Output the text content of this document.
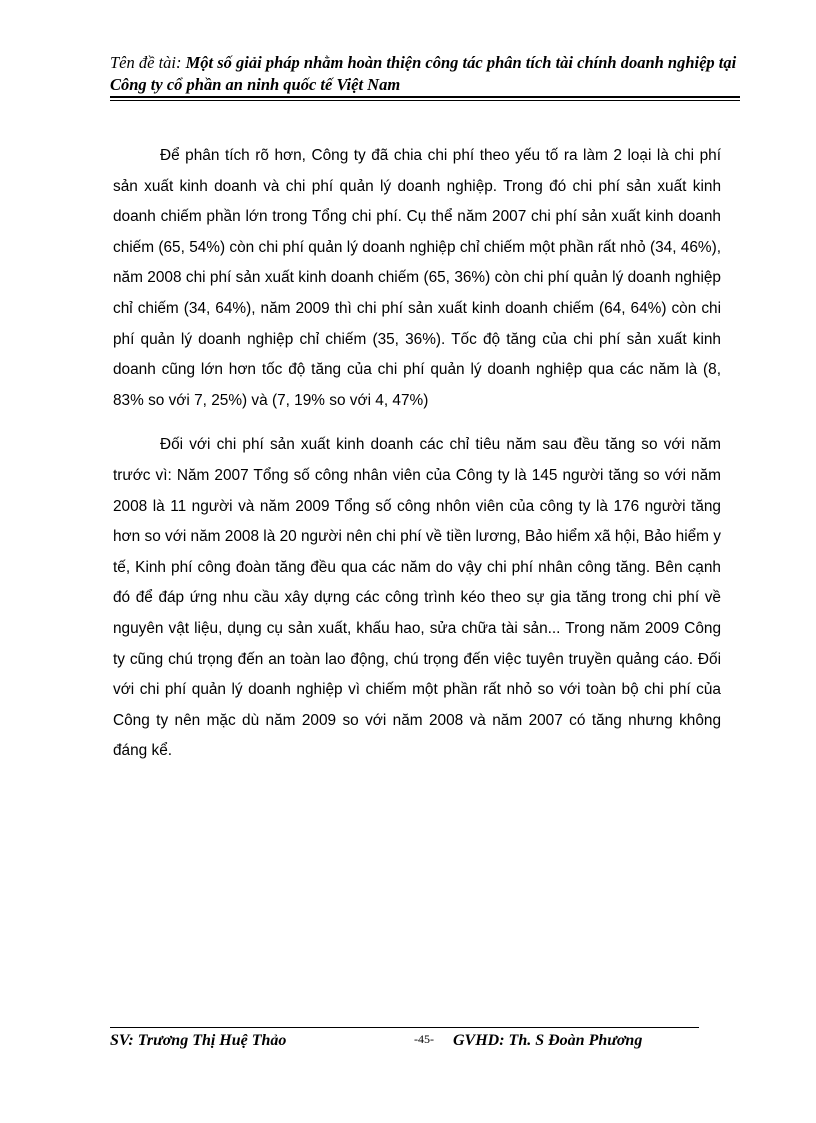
Tên đề tài: Một số giải pháp nhằm hoàn thiện công tác phân tích tài chính doanh nghiệp tại Công ty cổ phần an ninh quốc tế Việt Nam

Để phân tích rõ hơn, Công ty đã chia chi phí theo yếu tố ra làm 2 loại là chi phí sản xuất kinh doanh và chi phí quản lý doanh nghiệp. Trong đó chi phí sản xuất kinh doanh chiếm phần lớn trong Tổng chi phí. Cụ thể năm 2007 chi phí sản xuất kinh doanh chiếm (65, 54%) còn chi phí quản lý doanh nghiệp chỉ chiếm một phần rất nhỏ (34, 46%), năm 2008 chi phí sản xuất kinh doanh chiếm (65, 36%) còn chi phí quản lý doanh nghiệp chỉ chiếm (34, 64%), năm 2009 thì chi phí sản xuất kinh doanh chiếm (64, 64%) còn chi phí quản lý doanh nghiệp chỉ chiếm (35, 36%). Tốc độ tăng của chi phí sản xuất kinh doanh cũng lớn hơn tốc độ tăng của chi phí quản lý doanh nghiệp qua các năm là (8, 83% so với 7, 25%) và (7, 19% so với 4, 47%)

Đối với chi phí sản xuất kinh doanh các chỉ tiêu năm sau đều tăng so với năm trước vì: Năm 2007 Tổng số công nhân viên của Công ty là 145 người tăng so với năm 2008 là 11 người và năm 2009 Tổng số công nhôn viên của công ty là 176 người tăng hơn so với năm 2008 là 20 người nên chi phí về tiền lương, Bảo hiểm xã hội, Bảo hiểm y tế, Kinh phí công đoàn tăng đều qua các năm do vậy chi phí nhân công tăng. Bên cạnh đó để đáp ứng nhu cầu xây dựng các công trình kéo theo sự gia tăng trong chi phí về nguyên vật liệu, dụng cụ sản xuất, khấu hao, sửa chữa tài sản... Trong năm 2009 Công ty cũng chú trọng đến an toàn lao động, chú trọng đến việc tuyên truyền quảng cáo. Đối với chi phí quản lý doanh nghiệp vì chiếm một phần rất nhỏ so với toàn bộ chi phí của Công ty nên mặc dù năm 2009 so với năm 2008 và năm 2007 có tăng nhưng không đáng kể.

SV: Trương Thị Huệ Thảo	-45- GVHD: Th. S Đoàn Phương
